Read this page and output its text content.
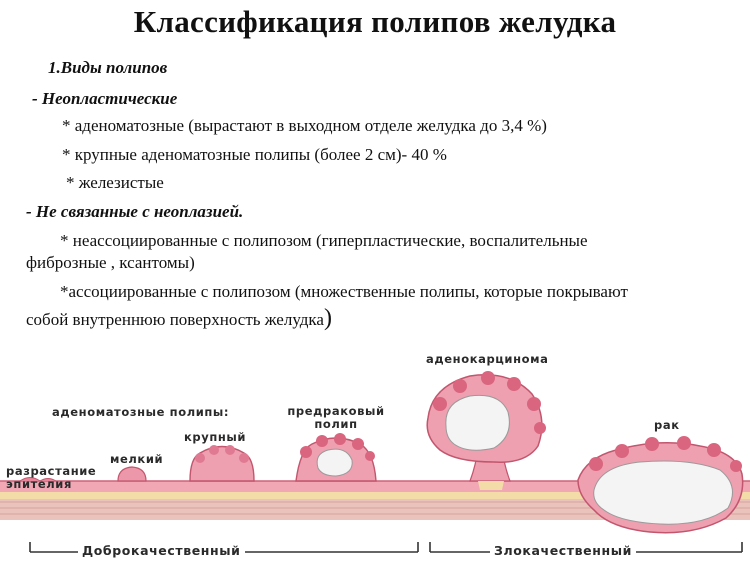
Классификация полипов желудка
1.Виды полипов
- Неопластические
* аденоматозные (вырастают в выходном отделе желудка до 3,4 %)
* крупные аденоматозные полипы (более 2 см)- 40 %
* железистые
- Не связанные с неоплазией.
* неассоциированные с полипозом (гиперпластические, воспалительные
фиброзные , ксантомы)
*ассоциированные с полипозом (множественные полипы, которые покрывают
собой внутреннюю поверхность желудка)
разрастание
эпителия
мелкий
аденоматозные полипы:
крупный
предраковый
полип
аденокарцинома
рак
Доброкачественный	Злокачественный
